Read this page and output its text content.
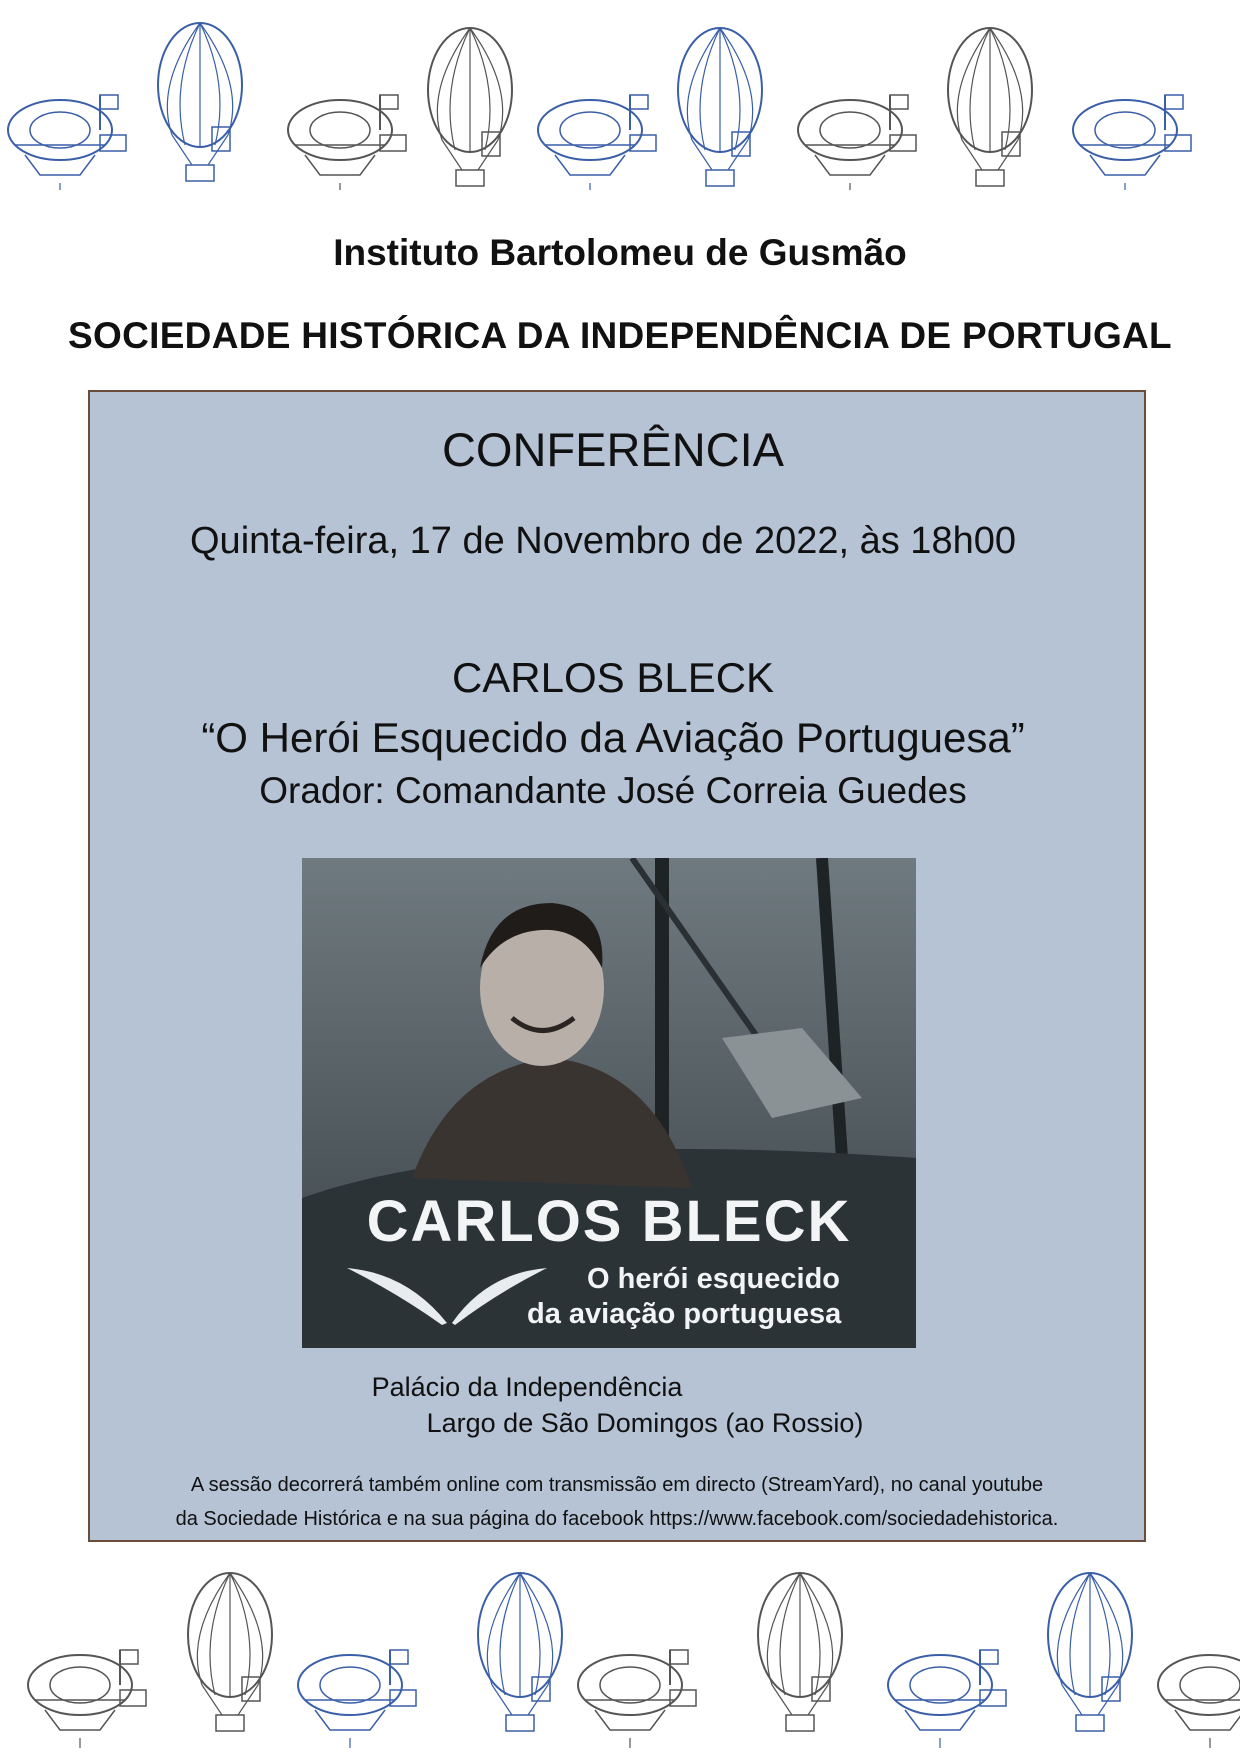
Instituto Bartolomeu de Gusmão
SOCIEDADE HISTÓRICA DA INDEPENDÊNCIA DE PORTUGAL
CONFERÊNCIA
Quinta-feira, 17 de Novembro de 2022, às 18h00
CARLOS BLECK
“O Herói Esquecido da Aviação Portuguesa”
Orador: Comandante José Correia Guedes
CARLOS BLECK
O herói esquecido
da aviação portuguesa
Palácio da Independência
Largo de São Domingos (ao Rossio)
A sessão decorrerá também online com transmissão em directo (StreamYard), no canal youtube
da Sociedade Histórica e na sua página do facebook https://www.facebook.com/sociedadehistorica.
